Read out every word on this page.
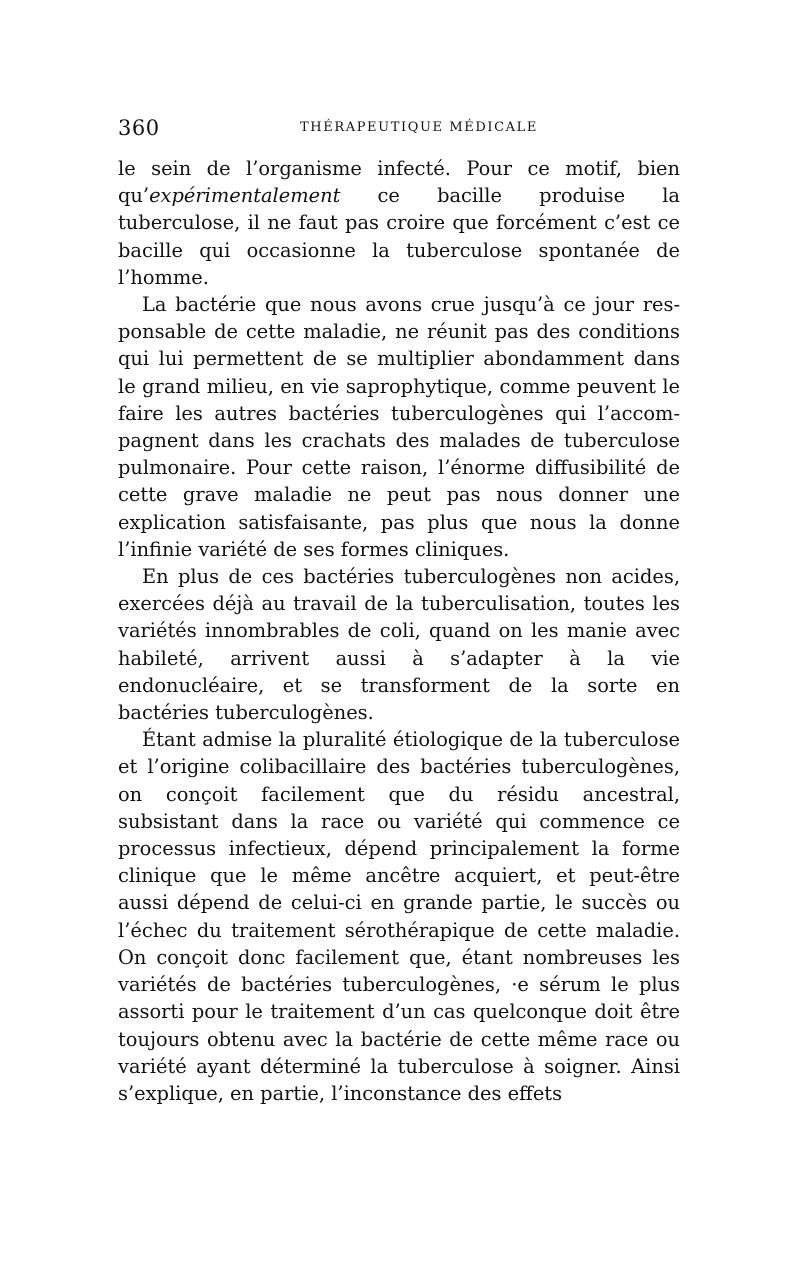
360	THÉRAPEUTIQUE MÉDICALE

le sein de l’organisme infecté. Pour ce motif, bien qu’expérimentalement ce bacille produise la tuberculose, il ne faut pas croire que forcément c’est ce bacille qui occasionne la tuberculose spontanée de l’homme.

La bactérie que nous avons crue jusqu’à ce jour responsable de cette maladie, ne réunit pas des conditions qui lui permettent de se multiplier abondamment dans le grand milieu, en vie saprophytique, comme peuvent le faire les autres bactéries tuberculogènes qui l’accompagnent dans les crachats des malades de tuberculose pulmonaire. Pour cette raison, l’énorme diffusibilité de cette grave maladie ne peut pas nous donner une explication satisfaisante, pas plus que nous la donne l’infinie variété de ses formes cliniques.

En plus de ces bactéries tuberculogènes non acides, exercées déjà au travail de la tuberculisation, toutes les variétés innombrables de coli, quand on les manie avec habileté, arrivent aussi à s’adapter à la vie endonucléaire, et se transforment de la sorte en bactéries tuberculogènes.

Étant admise la pluralité étiologique de la tuberculose et l’origine colibacillaire des bactéries tuberculogènes, on conçoit facilement que du résidu ancestral, subsistant dans la race ou variété qui commence ce processus infectieux, dépend principalement la forme clinique que le même ancêtre acquiert, et peut-être aussi dépend de celui-ci en grande partie, le succès ou l’échec du traitement sérothérapique de cette maladie. On conçoit donc facilement que, étant nombreuses les variétés de bactéries tuberculogènes, ·e sérum le plus assorti pour le traitement d’un cas quelconque doit être toujours obtenu avec la bactérie de cette même race ou variété ayant déterminé la tuberculose à soigner. Ainsi s’explique, en partie, l’inconstance des effets
